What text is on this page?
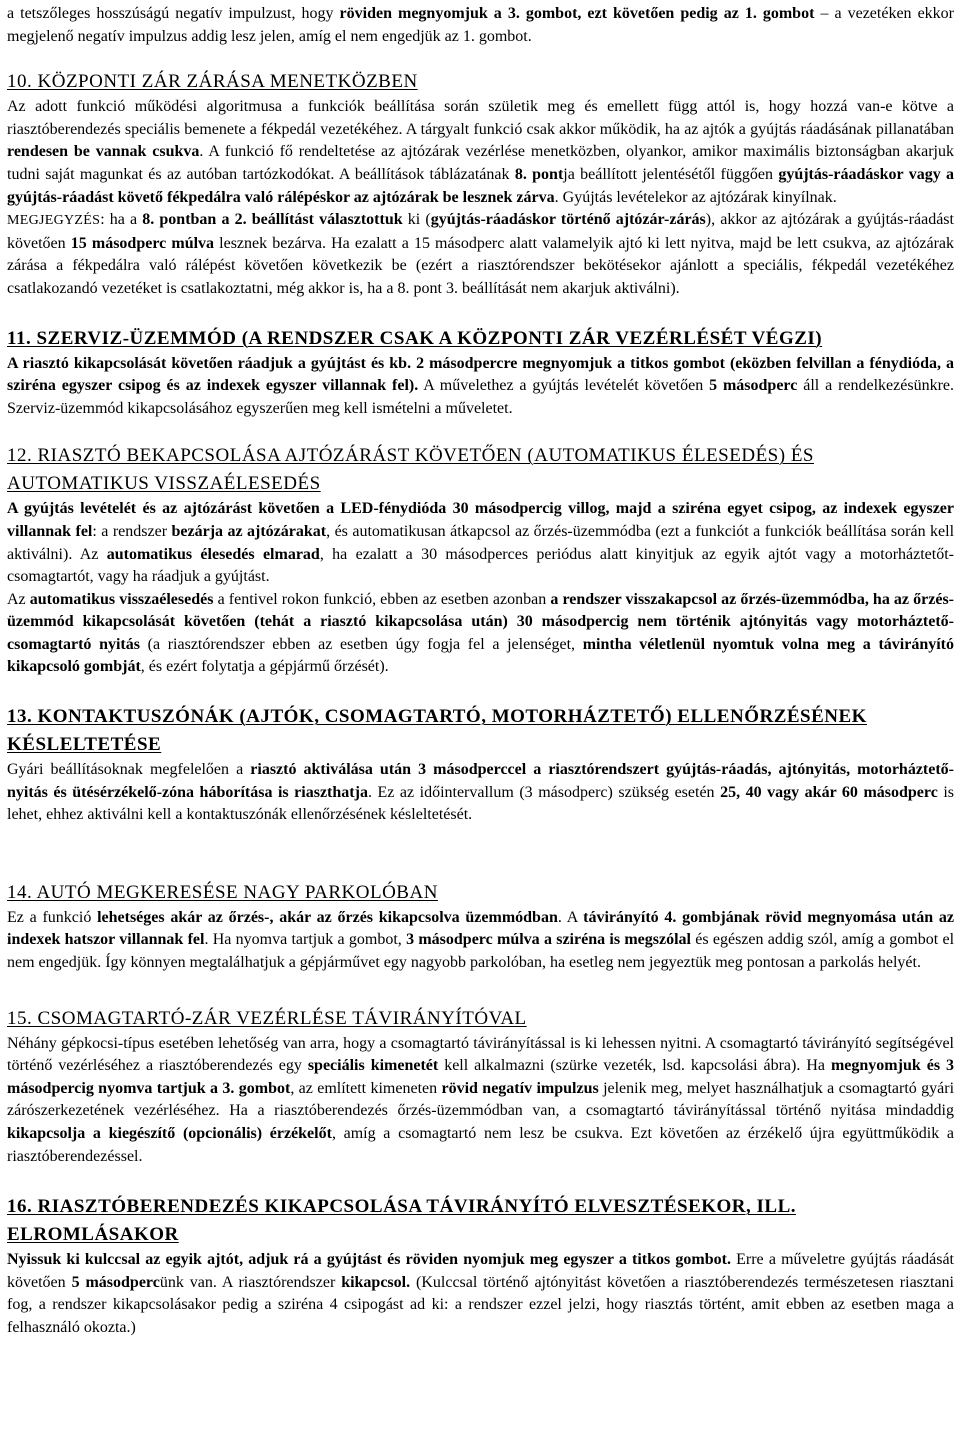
a tetszőleges hosszúságú negatív impulzust, hogy röviden megnyomjuk a 3. gombot, ezt követően pedig az 1. gombot – a vezetéken ekkor megjelenő negatív impulzus addig lesz jelen, amíg el nem engedjük az 1. gombot.

10. KÖZPONTI ZÁR ZÁRÁSA MENETKÖZBEN

Az adott funkció működési algoritmusa a funkciók beállítása során születik meg és emellett függ attól is, hogy hozzá van-e kötve a riasztóberendezés speciális bemenete a fékpedál vezetékéhez. A tárgyalt funkció csak akkor működik, ha az ajtók a gyújtás ráadásának pillanatában rendesen be vannak csukva. A funkció fő rendeltetése az ajtózárak vezérlése menetközben, olyankor, amikor maximális biztonságban akarjuk tudni saját magunkat és az autóban tartózkodókat. A beállítások táblázatának 8. pontja beállított jelentésétől függően gyújtás-ráadáskor vagy a gyújtás-ráadást követő fékpedálra való rálépéskor az ajtózárak be lesznek zárva. Gyújtás levételekor az ajtózárak kinyílnak.

MEGJEGYZÉS: ha a 8. pontban a 2. beállítást választottuk ki (gyújtás-ráadáskor történő ajtózár-zárás), akkor az ajtózárak a gyújtás-ráadást követően 15 másodperc múlva lesznek bezárva. Ha ezalatt a 15 másodperc alatt valamelyik ajtó ki lett nyitva, majd be lett csukva, az ajtózárak zárása a fékpedálra való rálépést követően következik be (ezért a riasztórendszer bekötésekor ajánlott a speciális, fékpedál vezetékéhez csatlakozandó vezetéket is csatlakoztatni, még akkor is, ha a 8. pont 3. beállítását nem akarjuk aktiválni).

11. SZERVIZ-ÜZEMMÓD (A RENDSZER CSAK A KÖZPONTI ZÁR VEZÉRLÉSÉT VÉGZI)

A riasztó kikapcsolását követően ráadjuk a gyújtást és kb. 2 másodpercre megnyomjuk a titkos gombot (eközben felvillan a fénydióda, a sziréna egyszer csipog és az indexek egyszer villannak fel). A művelethez a gyújtás levételét követően 5 másodperc áll a rendelkezésünkre. Szerviz-üzemmód kikapcsolásához egyszerűen meg kell ismételni a műveletet.

12. RIASZTÓ BEKAPCSOLÁSA AJTÓZÁRÁST KÖVETŐEN (AUTOMATIKUS ÉLESEDÉS) ÉS AUTOMATIKUS VISSZAÉLESEDÉS

A gyújtás levételét és az ajtózárást követően a LED-fénydióda 30 másodpercig villog, majd a sziréna egyet csipog, az indexek egyszer villannak fel: a rendszer bezárja az ajtózárakat, és automatikusan átkapcsol az őrzés-üzemmódba (ezt a funkciót a funkciók beállítása során kell aktiválni). Az automatikus élesedés elmarad, ha ezalatt a 30 másodperces periódus alatt kinyitjuk az egyik ajtót vagy a motorháztetőt-csomagtartót, vagy ha ráadjuk a gyújtást.

Az automatikus visszaélesedés a fentivel rokon funkció, ebben az esetben azonban a rendszer visszakapcsol az őrzés-üzemmódba, ha az őrzés-üzemmód kikapcsolását követően (tehát a riasztó kikapcsolása után) 30 másodpercig nem történik ajtónyitás vagy motorháztető-csomagtartó nyitás (a riasztórendszer ebben az esetben úgy fogja fel a jelenséget, mintha véletlenül nyomtuk volna meg a távirányító kikapcsoló gombját, és ezért folytatja a gépjármű őrzését).

13. KONTAKTUSZÓNÁK (AJTÓK, CSOMAGTARTÓ, MOTORHÁZTETŐ) ELLENŐRZÉSÉNEK KÉSLELTETÉSE

Gyári beállításoknak megfelelően a riasztó aktiválása után 3 másodperccel a riasztórendszert gyújtás-ráadás, ajtónyitás, motorháztető-nyitás és ütésérzékelő-zóna háborítása is riaszthatja. Ez az időintervallum (3 másodperc) szükség esetén 25, 40 vagy akár 60 másodperc is lehet, ehhez aktiválni kell a kontaktuszónák ellenőrzésének késleltetését.

14. AUTÓ MEGKERESÉSE NAGY PARKOLÓBAN

Ez a funkció lehetséges akár az őrzés-, akár az őrzés kikapcsolva üzemmódban. A távirányító 4. gombjának rövid megnyomása után az indexek hatszor villannak fel. Ha nyomva tartjuk a gombot, 3 másodperc múlva a sziréna is megszólal és egészen addig szól, amíg a gombot el nem engedjük. Így könnyen megtalálhatjuk a gépjárművet egy nagyobb parkolóban, ha esetleg nem jegyeztük meg pontosan a parkolás helyét.

15. CSOMAGTARTÓ-ZÁR VEZÉRLÉSE TÁVIRÁNYÍTÓVAL

Néhány gépkocsi-típus esetében lehetőség van arra, hogy a csomagtartó távirányítással is ki lehessen nyitni. A csomagtartó távirányító segítségével történő vezérléséhez a riasztóberendezés egy speciális kimenetét kell alkalmazni (szürke vezeték, lsd. kapcsolási ábra). Ha megnyomjuk és 3 másodpercig nyomva tartjuk a 3. gombot, az említett kimeneten rövid negatív impulzus jelenik meg, melyet használhatjuk a csomagtartó gyári zárószerkezetének vezérléséhez. Ha a riasztóberendezés őrzés-üzemmódban van, a csomagtartó távirányítással történő nyitása mindaddig kikapcsolja a kiegészítő (opcionális) érzékelőt, amíg a csomagtartó nem lesz be csukva. Ezt követően az érzékelő újra együttműködik a riasztóberendezéssel.

16. RIASZTÓBERENDEZÉS KIKAPCSOLÁSA TÁVIRÁNYÍTÓ ELVESZTÉSEKOR, ILL. ELROMLÁSAKOR

Nyissuk ki kulccsal az egyik ajtót, adjuk rá a gyújtást és röviden nyomjuk meg egyszer a titkos gombot. Erre a műveletre gyújtás ráadását követően 5 másodpercünk van. A riasztórendszer kikapcsol. (Kulccsal történő ajtónyitást követően a riasztóberendezés természetesen riasztani fog, a rendszer kikapcsolásakor pedig a sziréna 4 csipogást ad ki: a rendszer ezzel jelzi, hogy riasztás történt, amit ebben az esetben maga a felhasználó okozta.)
